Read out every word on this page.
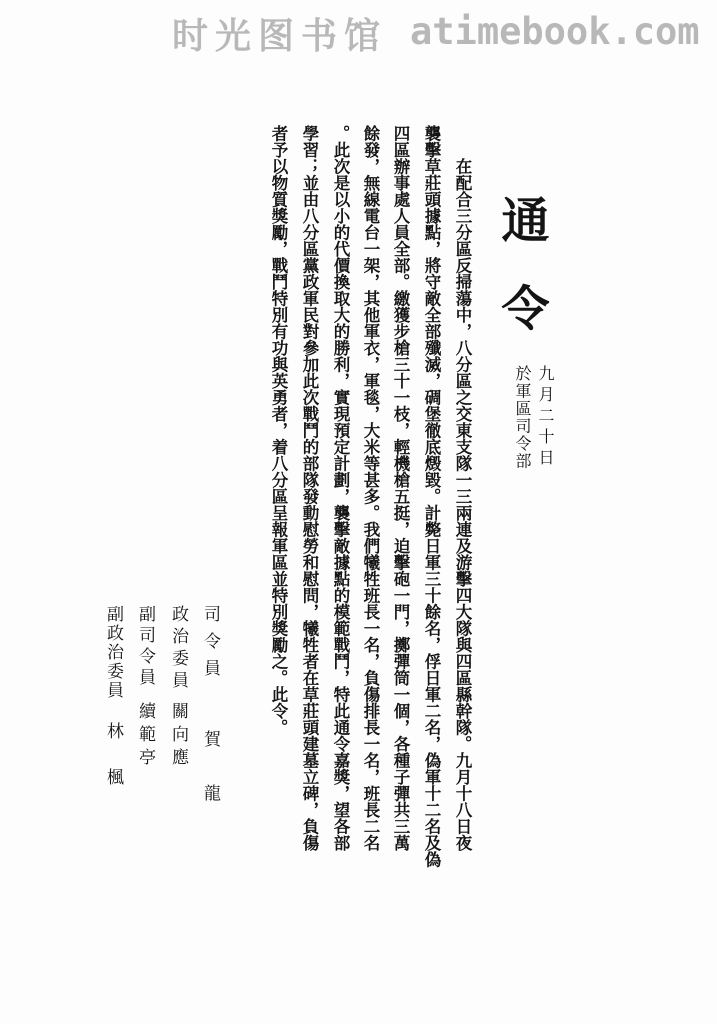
时光图书馆 atimebook.com
通令
九月二十日
於軍區司令部
在配合三分區反掃蕩中，八分區之交東支隊一三兩連及游擊四大隊與四區縣幹隊。九月十八日夜
襲擊草莊頭據點，將守敵全部殲滅，碉堡徹底燬毀。計斃日軍三十餘名，俘日軍二名，偽軍十二名及偽
四區辦事處人員全部。繳獲步槍三十一枝，輕機槍五挺，迫擊砲一門，擲彈筒一個，各種子彈共三萬
餘發，無線電台一架，其他軍衣，軍毯，大米等甚多。我們犧牲班長一名，負傷排長一名，班長二名
。此次是以小的代價換取大的勝利，實現預定計劃，襲擊敵據點的模範戰鬥，特此通令嘉獎，望各部
學習；並由八分區黨政軍民對參加此次戰鬥的部隊發動慰勞和慰問，犧牲者在草莊頭建墓立碑，負傷
者予以物質獎勵，戰鬥特別有功與英勇者，着八分區呈報軍區並特別獎勵之。此令。
司令員
賀　龍
政治委員
關向應
副司令員
續範亭
副政治委員
林　楓
